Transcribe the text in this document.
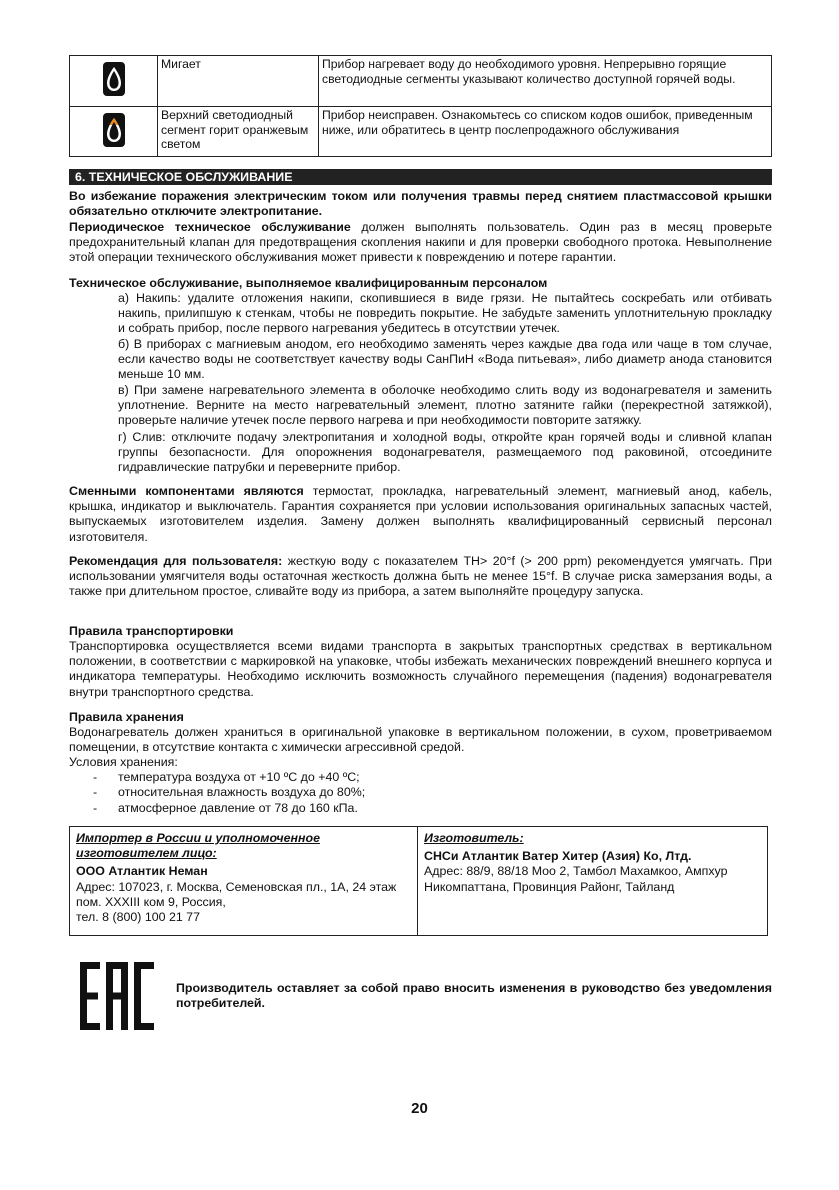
	Мигает	Прибор нагревает воду до необходимого уровня. Непрерывно горящие светодиодные сегменты указывают количество доступной горячей воды.
	Верхний светодиодный сегмент горит оранжевым светом	Прибор неисправен. Ознакомьтесь со списком кодов ошибок, приведенным ниже, или обратитесь в центр послепродажного обслуживания
6. ТЕХНИЧЕСКОЕ ОБСЛУЖИВАНИЕ
Во избежание поражения электрическим током или получения травмы перед снятием пластмассовой крышки обязательно отключите электропитание.
Периодическое техническое обслуживание должен выполнять пользователь. Один раз в месяц проверьте предохранительный клапан для предотвращения скопления накипи и для проверки свободного протока. Невыполнение этой операции технического обслуживания может привести к повреждению и потере гарантии.
Техническое обслуживание, выполняемое квалифицированным персоналом
а) Накипь: удалите отложения накипи, скопившиеся в виде грязи. Не пытайтесь соскребать или отбивать накипь, прилипшую к стенкам, чтобы не повредить покрытие. Не забудьте заменить уплотнительную прокладку и собрать прибор, после первого нагревания убедитесь в отсутствии утечек.
б) В приборах с магниевым анодом, его необходимо заменять через каждые два года или чаще в том случае, если качество воды не соответствует качеству воды СанПиН «Вода питьевая», либо диаметр анода становится меньше 10 мм.
в) При замене нагревательного элемента в оболочке необходимо слить воду из водонагревателя и заменить уплотнение. Верните на место нагревательный элемент, плотно затяните гайки (перекрестной затяжкой), проверьте наличие утечек после первого нагрева и при необходимости повторите затяжку.
г) Слив: отключите подачу электропитания и холодной воды, откройте кран горячей воды и сливной клапан группы безопасности. Для опорожнения водонагревателя, размещаемого под раковиной, отсоедините гидравлические патрубки и переверните прибор.
Сменными компонентами являются термостат, прокладка, нагревательный элемент, магниевый анод, кабель, крышка, индикатор и выключатель. Гарантия сохраняется при условии использования оригинальных запасных частей, выпускаемых изготовителем изделия. Замену должен выполнять квалифицированный сервисный персонал изготовителя.
Рекомендация для пользователя: жесткую воду с показателем TH> 20°f (> 200 ppm) рекомендуется умягчать. При использовании умягчителя воды остаточная жесткость должна быть не менее 15°f. В случае риска замерзания воды, а также при длительном простое, сливайте воду из прибора, а затем выполняйте процедуру запуска.
Правила транспортировки
Транспортировка осуществляется всеми видами транспорта в закрытых транспортных средствах в вертикальном положении, в соответствии с маркировкой на упаковке, чтобы избежать механических повреждений внешнего корпуса и индикатора температуры. Необходимо исключить возможность случайного перемещения (падения) водонагревателя внутри транспортного средства.
Правила хранения
Водонагреватель должен храниться в оригинальной упаковке в вертикальном положении, в сухом, проветриваемом помещении, в отсутствие контакта с химически агрессивной средой.
Условия хранения:
- температура воздуха от +10 ºC до +40 ºC;
- относительная влажность воздуха до 80%;
- атмосферное давление от 78 до 160 кПа.
Импортер в России и уполномоченное изготовителем лицо:
ООО Атлантик Неман
Адрес: 107023, г. Москва, Семеновская пл., 1А, 24 этаж пом. XXXIII ком 9, Россия,
тел. 8 (800) 100 21 77
Изготовитель:
СНСи Атлантик Ватер Хитер (Азия) Ко, Лтд.
Адрес: 88/9, 88/18 Moo 2, Тамбол Махамкоо, Ампхур Никомпаттана, Провинция Районг, Тайланд
Производитель оставляет за собой право вносить изменения в руководство без уведомления потребителей.
20
